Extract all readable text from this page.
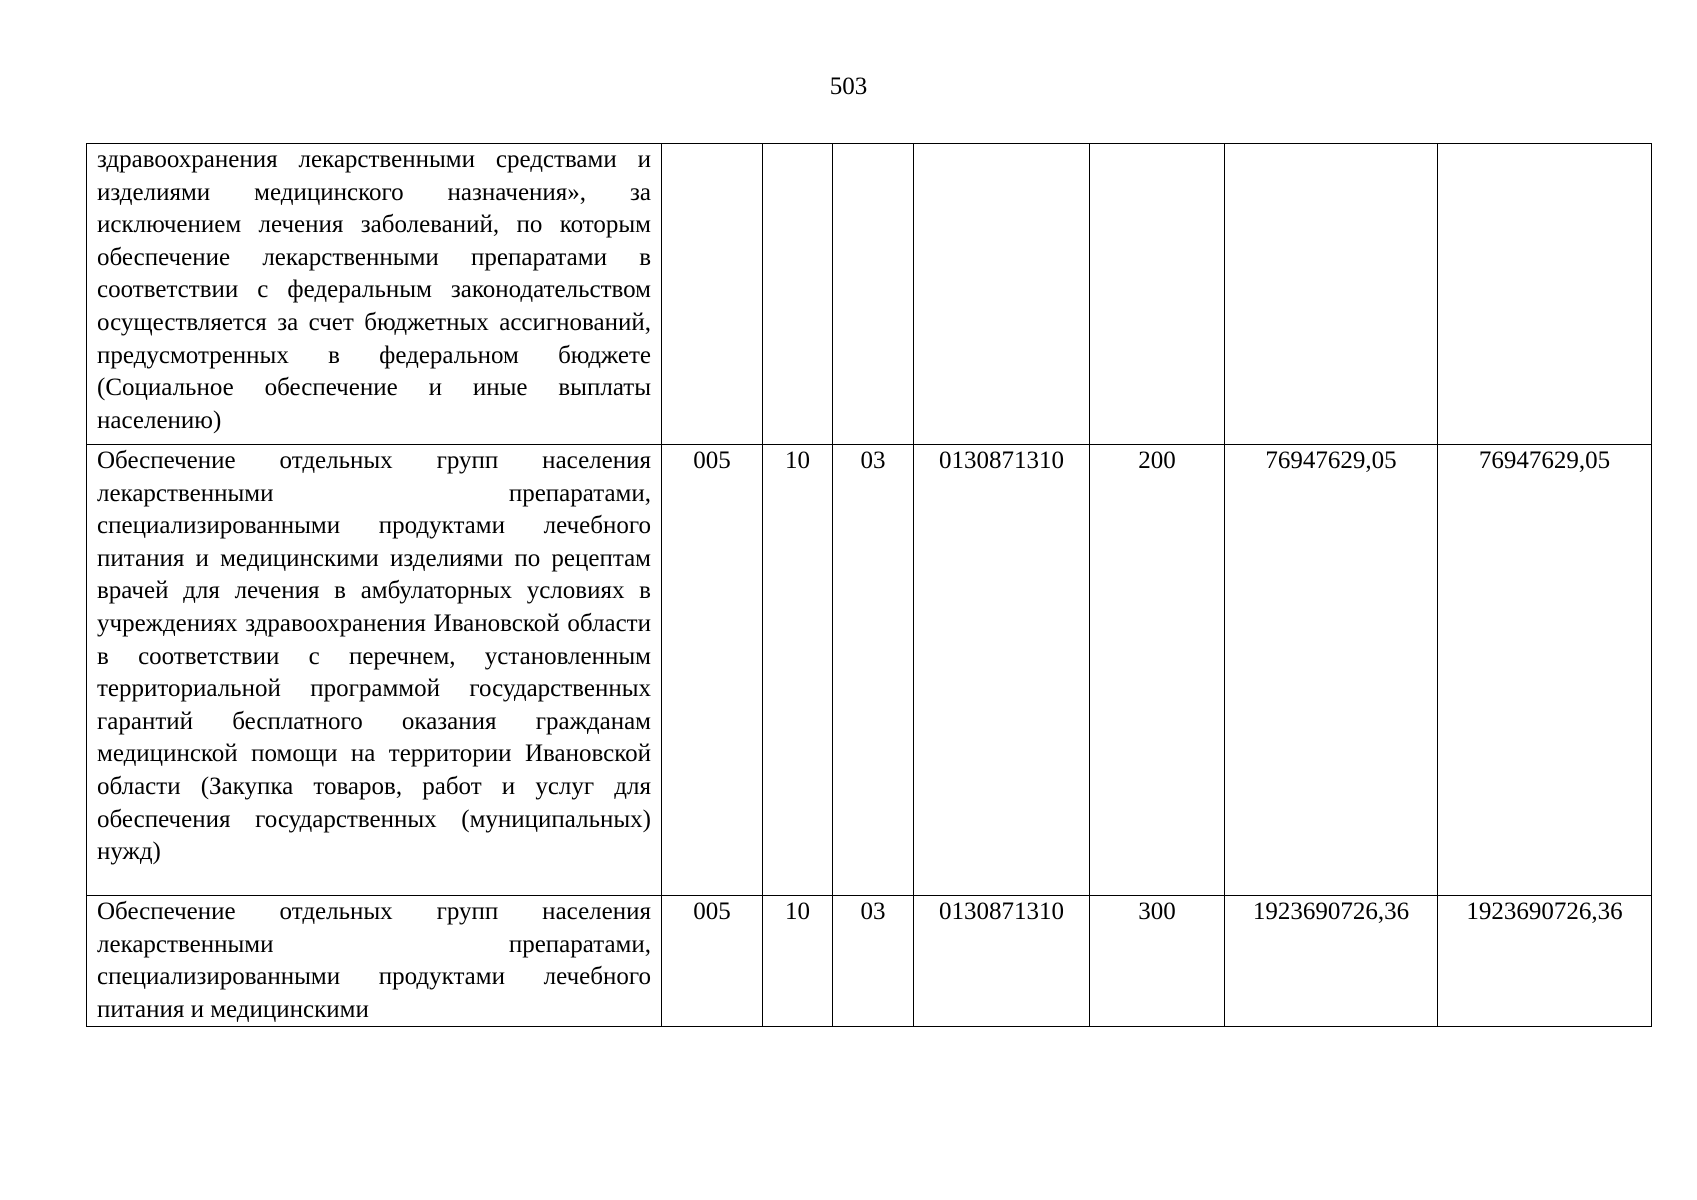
503
здравоохранения лекарственными средствами и изделиями медицинского назначения», за исключением лечения заболеваний, по которым обеспечение лекарственными препаратами в соответствии с федеральным законодательством осуществляется за счет бюджетных ассигнований, предусмотренных в федеральном бюджете (Социальное обеспечение и иные выплаты населению)							
Обеспечение отдельных групп населения лекарственными препаратами, специализированными продуктами лечебного питания и медицинскими изделиями по рецептам врачей для лечения в амбулаторных условиях в учреждениях здравоохранения Ивановской области в соответствии с перечнем, установленным территориальной программой государственных гарантий бесплатного оказания гражданам медицинской помощи на территории Ивановской области (Закупка товаров, работ и услуг для обеспечения государственных (муниципальных) нужд)	005	10	03	0130871310	200	76947629,05	76947629,05
Обеспечение отдельных групп населения лекарственными препаратами, специализированными продуктами лечебного питания и медицинскими	005	10	03	0130871310	300	1923690726,36	1923690726,36
